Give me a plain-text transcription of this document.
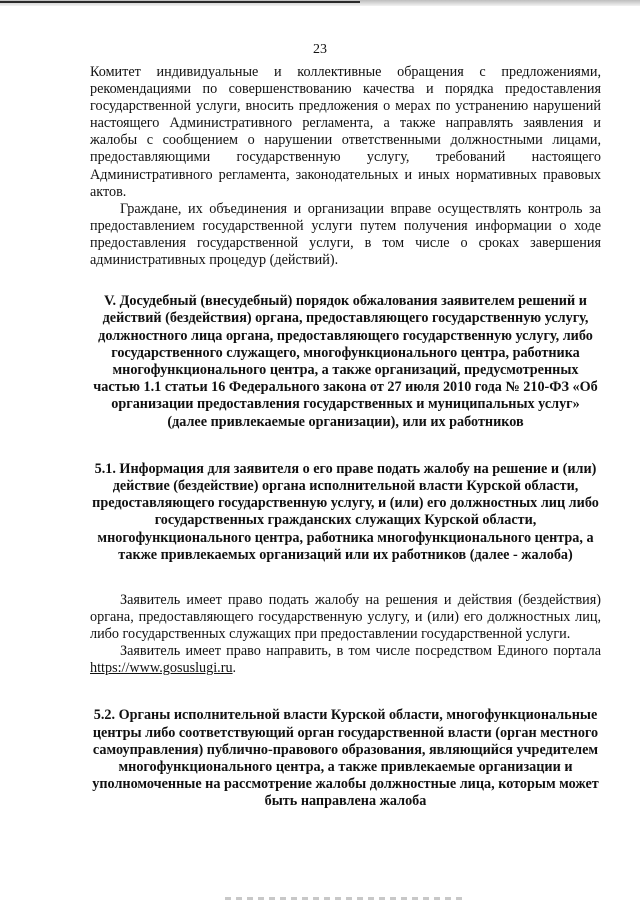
23

Комитет индивидуальные и коллективные обращения с предложениями, рекомендациями по совершенствованию качества и порядка предоставления государственной услуги, вносить предложения о мерах по устранению нарушений настоящего Административного регламента, а также направлять заявления и жалобы с сообщением о нарушении ответственными должностными лицами, предоставляющими государственную услугу, требований настоящего Административного регламента, законодательных и иных нормативных правовых актов.

Граждане, их объединения и организации вправе осуществлять контроль за предоставлением государственной услуги путем получения информации о ходе предоставления государственной услуги, в том числе о сроках завершения административных процедур (действий).

V. Досудебный (внесудебный) порядок обжалования заявителем решений и действий (бездействия) органа, предоставляющего государственную услугу, должностного лица органа, предоставляющего государственную услугу, либо государственного служащего, многофункционального центра, работника многофункционального центра, а также организаций, предусмотренных частью 1.1 статьи 16 Федерального закона от 27 июля 2010 года № 210-ФЗ «Об организации предоставления государственных и муниципальных услуг» (далее привлекаемые организации), или их работников
5.1. Информация для заявителя о его праве подать жалобу на решение и (или) действие (бездействие) органа исполнительной власти Курской области, предоставляющего государственную услугу, и (или) его должностных лиц либо государственных гражданских служащих Курской области, многофункционального центра, работника многофункционального центра, а также привлекаемых организаций или их работников (далее - жалоба)

Заявитель имеет право подать жалобу на решения и действия (бездействия) органа, предоставляющего государственную услугу, и (или) его должностных лиц, либо государственных служащих при предоставлении государственной услуги.

Заявитель имеет право направить, в том числе посредством Единого портала https://www.gosuslugi.ru.

5.2. Органы исполнительной власти Курской области, многофункциональные центры либо соответствующий орган государственной власти (орган местного самоуправления) публично-правового образования, являющийся учредителем многофункционального центра, а также привлекаемые организации и уполномоченные на рассмотрение жалобы должностные лица, которым может быть направлена жалоба
